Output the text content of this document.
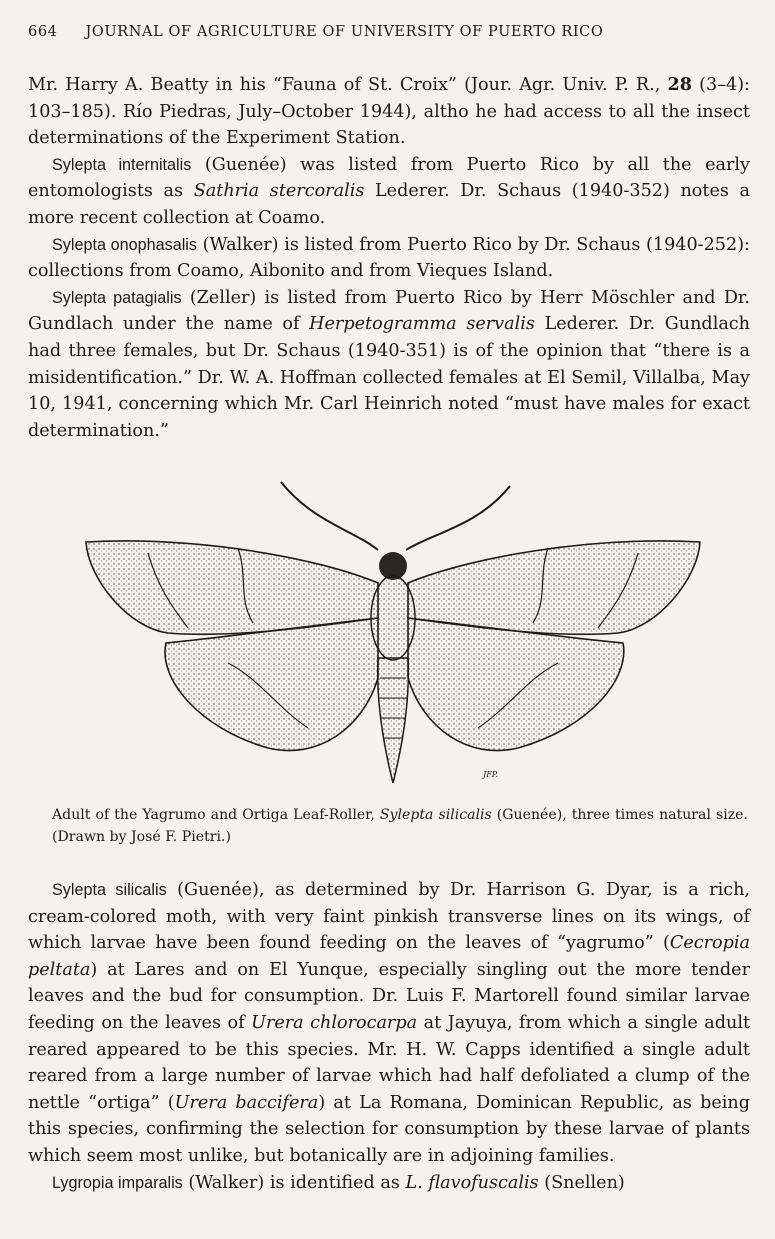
664 JOURNAL OF AGRICULTURE OF UNIVERSITY OF PUERTO RICO
Mr. Harry A. Beatty in his “Fauna of St. Croix” (Jour. Agr. Univ. P. R., 28 (3–4): 103–185). Río Piedras, July–October 1944), altho he had access to all the insect determinations of the Experiment Station.
Sylepta internitalis (Guenée) was listed from Puerto Rico by all the early entomologists as Sathria stercoralis Lederer. Dr. Schaus (1940-352) notes a more recent collection at Coamo.
Sylepta onophasalis (Walker) is listed from Puerto Rico by Dr. Schaus (1940-252): collections from Coamo, Aibonito and from Vieques Island.
Sylepta patagialis (Zeller) is listed from Puerto Rico by Herr Möschler and Dr. Gundlach under the name of Herpetogramma servalis Lederer. Dr. Gundlach had three females, but Dr. Schaus (1940-351) is of the opinion that “there is a misidentification.” Dr. W. A. Hoffman collected females at El Semil, Villalba, May 10, 1941, concerning which Mr. Carl Heinrich noted “must have males for exact determination.”
JFP.
Adult of the Yagrumo and Ortiga Leaf-Roller, Sylepta silicalis (Guenée), three times natural size. (Drawn by José F. Pietri.)
Sylepta silicalis (Guenée), as determined by Dr. Harrison G. Dyar, is a rich, cream-colored moth, with very faint pinkish transverse lines on its wings, of which larvae have been found feeding on the leaves of “yagrumo” (Cecropia peltata) at Lares and on El Yunque, especially singling out the more tender leaves and the bud for consumption. Dr. Luis F. Martorell found similar larvae feeding on the leaves of Urera chlorocarpa at Jayuya, from which a single adult reared appeared to be this species. Mr. H. W. Capps identified a single adult reared from a large number of larvae which had half defoliated a clump of the nettle “ortiga” (Urera baccifera) at La Romana, Dominican Republic, as being this species, confirming the selection for consumption by these larvae of plants which seem most unlike, but botanically are in adjoining families.
Lygropia imparalis (Walker) is identified as L. flavofuscalis (Snellen)
